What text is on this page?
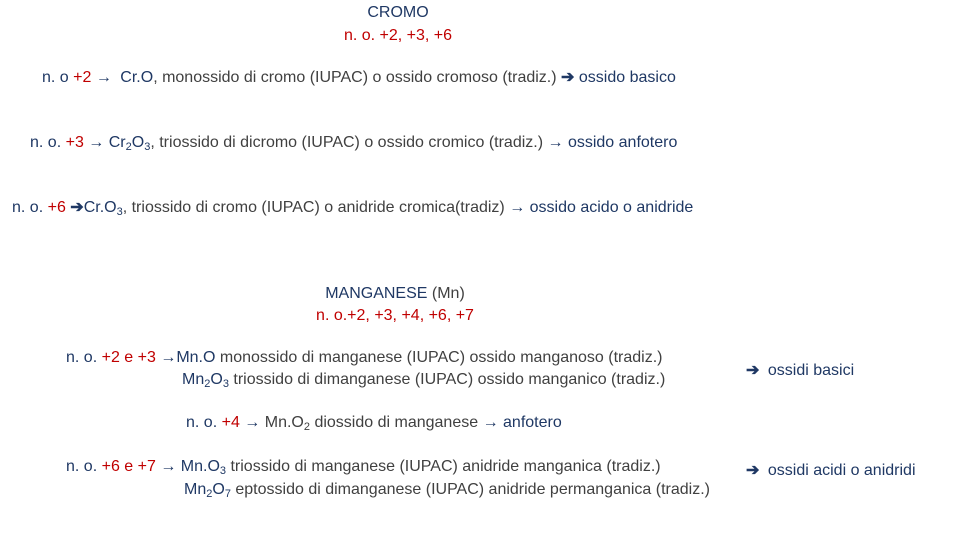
CROMO
n. o. +2, +3, +6
n. o +2 → Cr.O, monossido di cromo (IUPAC) o ossido cromoso (tradiz.) ➔ ossido basico
n. o. $+3 \to Cr_2O_3$, triossido di dicromo (IUPAC) o ossido cromico (tradiz.) → ossido anfotero
n. o. +6 $➔Cr.O_3$, triossido di cromo (IUPAC) o anidride cromica(tradiz) → ossido acido o anidride
MANGANESE (Mn)
n. o.+2, +3, +4, +6, +7
n. o. +2 e +3 →Mn.O monossido di manganese (IUPAC) ossido manganoso (tradiz.)
$Mn_2O_3$ triossido di dimanganese (IUPAC) ossido manganico (tradiz.)
➔ ossidi basici
n. o. $+4 \to Mn.O_2$ diossido di manganese → anfotero
n. o. +6 $e +7 \to Mn.O_3$ triossido di manganese (IUPAC) anidride manganica (tradiz.)
$Mn_2O_7$ eptossido di dimanganese (IUPAC) anidride permanganica (tradiz.)
➔ ossidi acidi o anidridi
